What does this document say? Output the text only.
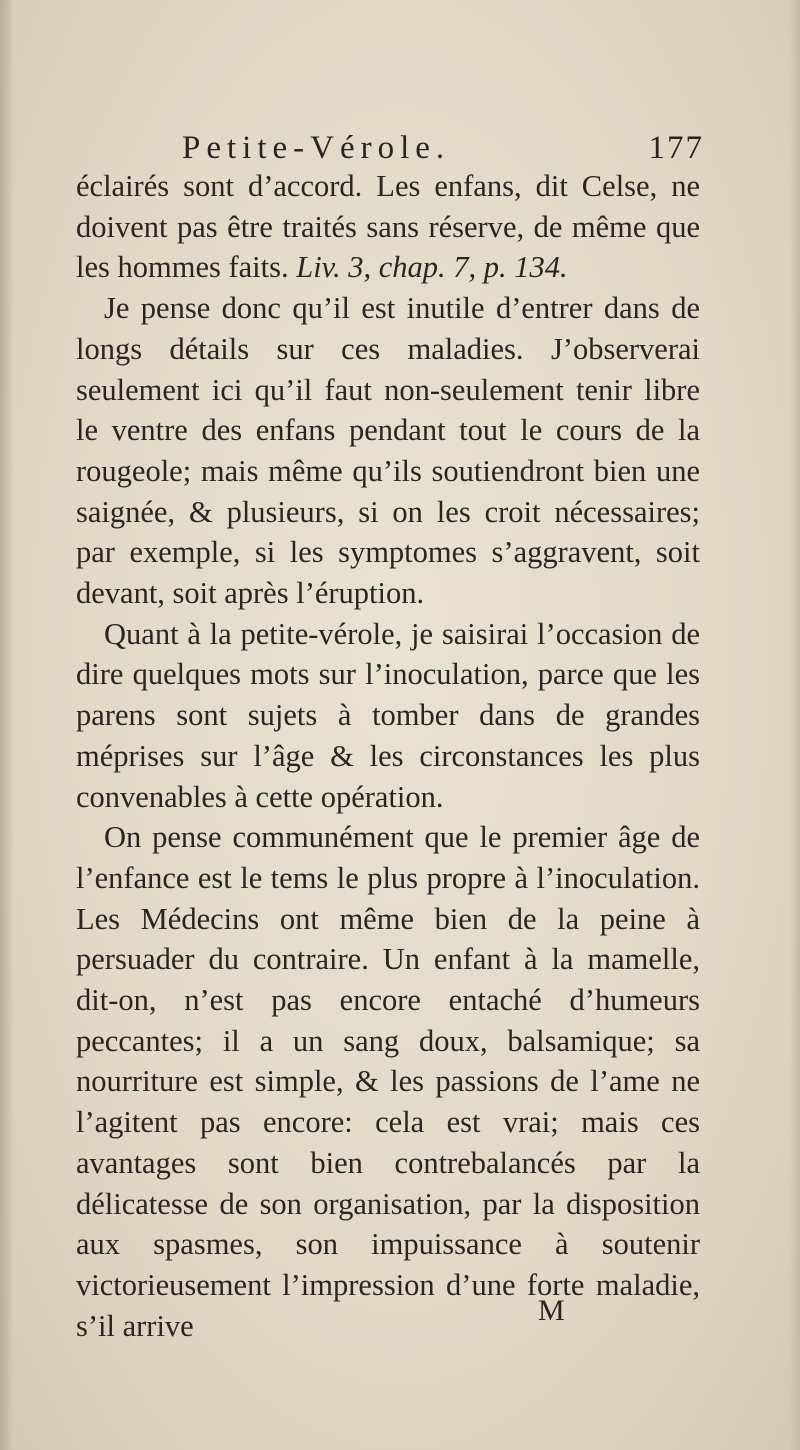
Petite-Vérole.	177

éclairés sont d’accord. Les enfans, dit Celse, ne doivent pas être traités sans réserve, de même que les hommes faits. Liv. 3, chap. 7, p. 134.

Je pense donc qu’il est inutile d’entrer dans de longs détails sur ces maladies. J’observerai seulement ici qu’il faut non-seulement tenir libre le ventre des enfans pendant tout le cours de la rougeole; mais même qu’ils soutiendront bien une saignée, & plusieurs, si on les croit nécessaires; par exemple, si les symptomes s’aggravent, soit devant, soit après l’éruption.

Quant à la petite-vérole, je saisirai l’occasion de dire quelques mots sur l’inoculation, parce que les parens sont sujets à tomber dans de grandes méprises sur l’âge & les circonstances les plus convenables à cette opération.

On pense communément que le premier âge de l’enfance est le tems le plus propre à l’inoculation. Les Médecins ont même bien de la peine à persuader du contraire. Un enfant à la mamelle, dit-on, n’est pas encore entaché d’humeurs peccantes; il a un sang doux, balsamique; sa nourriture est simple, & les passions de l’ame ne l’agitent pas encore: cela est vrai; mais ces avantages sont bien contrebalancés par la délicatesse de son organisation, par la disposition aux spasmes, son impuissance à soutenir victorieusement l’impression d’une forte maladie, s’il arrive	M
